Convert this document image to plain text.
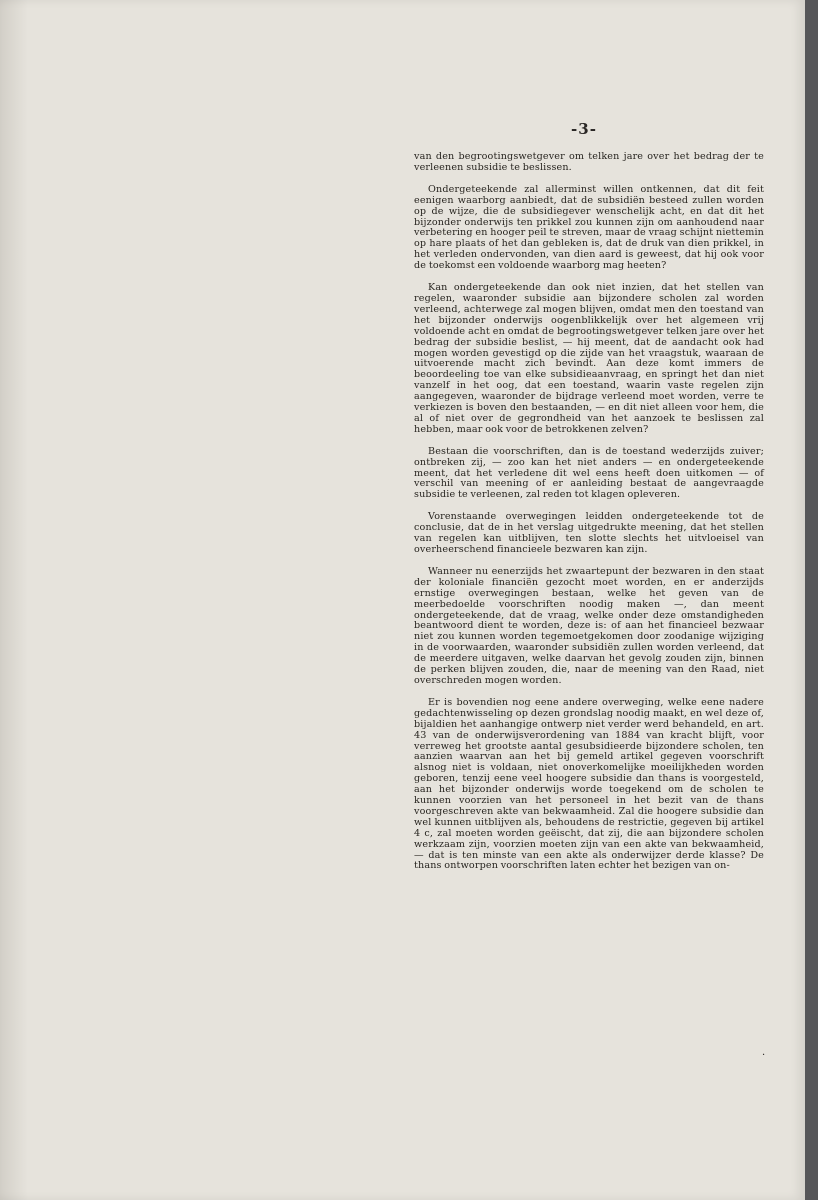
-3-

van den begrootingswetgever om telken jare over het bedrag der te verleenen subsidie te beslissen.

Ondergeteekende zal allerminst willen ontkennen, dat dit feit eenigen waarborg aanbiedt, dat de subsidiën besteed zullen worden op de wijze, die de subsidiegever wenschelijk acht, en dat dit het bijzonder onderwijs ten prikkel zou kunnen zijn om aanhoudend naar verbetering en hooger peil te streven, maar de vraag schijnt niettemin op hare plaats of het dan gebleken is, dat de druk van dien prikkel, in het verleden ondervonden, van dien aard is geweest, dat hij ook voor de toekomst een voldoende waarborg mag heeten?

Kan ondergeteekende dan ook niet inzien, dat het stellen van regelen, waaronder subsidie aan bijzondere scholen zal worden verleend, achterwege zal mogen blijven, omdat men den toestand van het bijzonder onderwijs oogenblikkelijk over het algemeen vrij voldoende acht en omdat de begrootingswetgever telken jare over het bedrag der subsidie beslist, — hij meent, dat de aandacht ook had mogen worden gevestigd op die zijde van het vraagstuk, waaraan de uitvoerende macht zich bevindt. Aan deze komt immers de beoordeeling toe van elke subsidieaanvraag, en springt het dan niet vanzelf in het oog, dat een toestand, waarin vaste regelen zijn aangegeven, waaronder de bijdrage verleend moet worden, verre te verkiezen is boven den bestaanden, — en dit niet alleen voor hem, die al of niet over de gegrondheid van het aanzoek te beslissen zal hebben, maar ook voor de betrokkenen zelven?

Bestaan die voorschriften, dan is de toestand wederzijds zuiver; ontbreken zij, — zoo kan het niet anders — en ondergeteekende meent, dat het verledene dit wel eens heeft doen uitkomen — of verschil van meening of er aanleiding bestaat de aangevraagde subsidie te verleenen, zal reden tot klagen opleveren.

Vorenstaande overwegingen leidden ondergeteekende tot de conclusie, dat de in het verslag uitgedrukte meening, dat het stellen van regelen kan uitblijven, ten slotte slechts het uitvloeisel van overheerschend financieele bezwaren kan zijn.

Wanneer nu eenerzijds het zwaartepunt der bezwaren in den staat der koloniale financiën gezocht moet worden, en er anderzijds ernstige overwegingen bestaan, welke het geven van de meerbedoelde voorschriften noodig maken —, dan meent ondergeteekende, dat de vraag, welke onder deze omstandigheden beantwoord dient te worden, deze is: of aan het financieel bezwaar niet zou kunnen worden tegemoetgekomen door zoodanige wijziging in de voorwaarden, waaronder subsidiën zullen worden verleend, dat de meerdere uitgaven, welke daarvan het gevolg zouden zijn, binnen de perken blijven zouden, die, naar de meening van den Raad, niet overschreden mogen worden.

Er is bovendien nog eene andere overweging, welke eene nadere gedachtenwisseling op dezen grondslag noodig maakt, en wel deze of, bijaldien het aanhangige ontwerp niet verder werd behandeld, en art. 43 van de onderwijsverordening van 1884 van kracht blijft, voor verreweg het grootste aantal gesubsidieerde bijzondere scholen, ten aanzien waarvan aan het bij gemeld artikel gegeven voorschrift alsnog niet is voldaan, niet onoverkomelijke moeilijkheden worden geboren, tenzij eene veel hoogere subsidie dan thans is voorgesteld, aan het bijzonder onderwijs worde toegekend om de scholen te kunnen voorzien van het personeel in het bezit van de thans voorgeschreven akte van bekwaamheid. Zal die hoogere subsidie dan wel kunnen uitblijven als, behoudens de restrictie, gegeven bij artikel 4 c, zal moeten worden geëischt, dat zij, die aan bijzondere scholen werkzaam zijn, voorzien moeten zijn van een akte van bekwaamheid, — dat is ten minste van een akte als onderwijzer derde klasse? De thans ontworpen voorschriften laten echter het bezigen van on-

·
